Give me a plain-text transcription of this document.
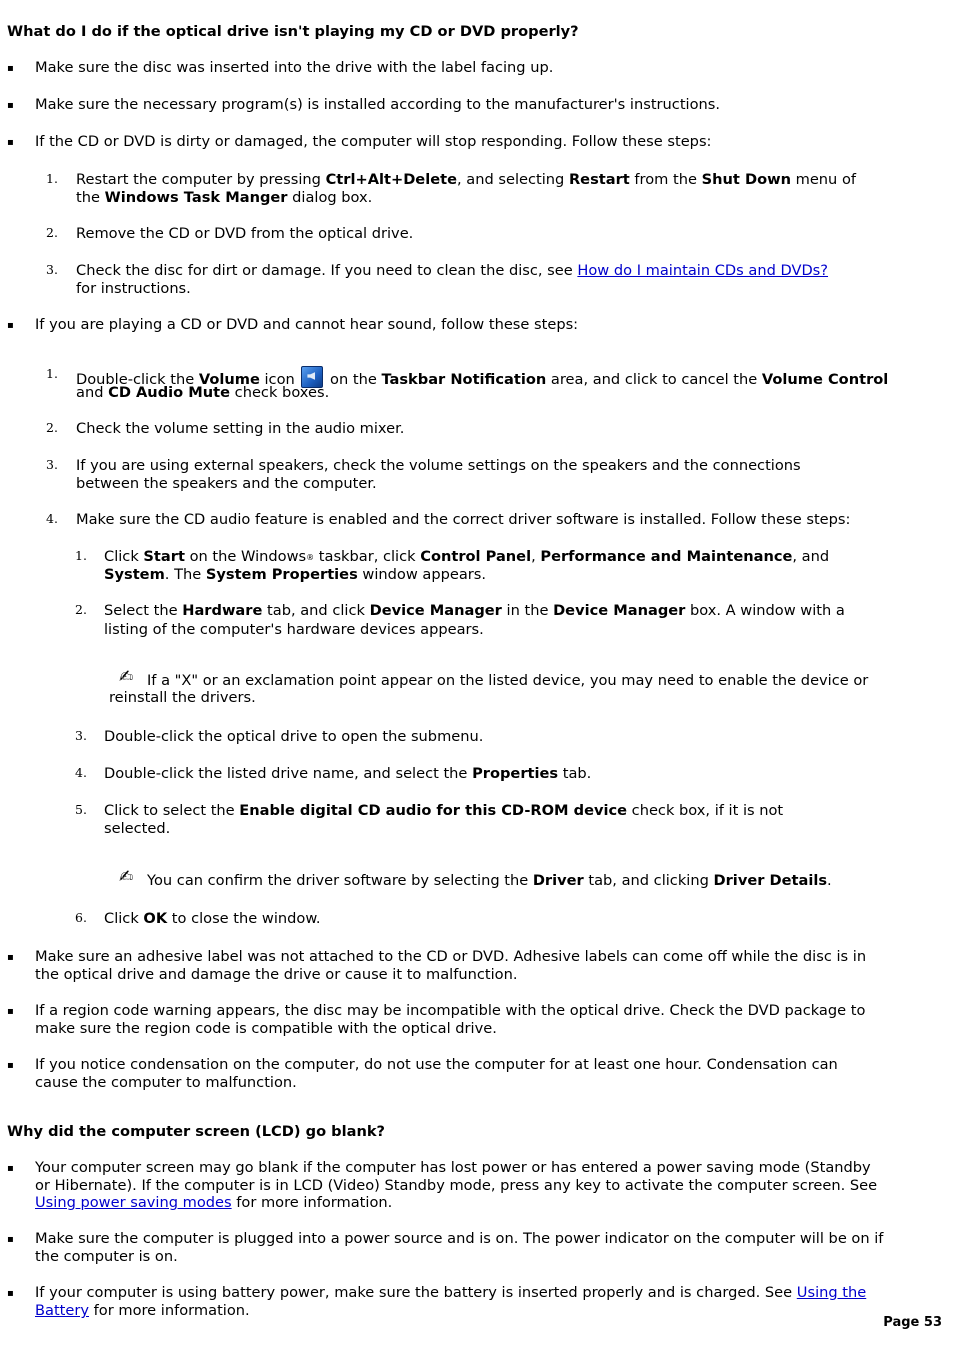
What do I do if the optical drive isn't playing my CD or DVD properly?
▪ Make sure the disc was inserted into the drive with the label facing up.
▪ Make sure the necessary program(s) is installed according to the manufacturer's instructions.
▪ If the CD or DVD is dirty or damaged, the computer will stop responding. Follow these steps:
1. Restart the computer by pressing Ctrl+Alt+Delete, and selecting Restart from the Shut Down menu of
the Windows Task Manger dialog box.
2. Remove the CD or DVD from the optical drive.
3. Check the disc for dirt or damage. If you need to clean the disc, see How do I maintain CDs and DVDs?
for instructions.
▪ If you are playing a CD or DVD and cannot hear sound, follow these steps:
1. Double-click the Volume icon  on the Taskbar Notification area, and click to cancel the Volume Control
and CD Audio Mute check boxes.
2. Check the volume setting in the audio mixer.
3. If you are using external speakers, check the volume settings on the speakers and the connections
between the speakers and the computer.
4. Make sure the CD audio feature is enabled and the correct driver software is installed. Follow these steps:
1. Click Start on the Windows® taskbar, click Control Panel, Performance and Maintenance, and
System. The System Properties window appears.
2. Select the Hardware tab, and click Device Manager in the Device Manager box. A window with a
listing of the computer's hardware devices appears.
✍ If a "X" or an exclamation point appear on the listed device, you may need to enable the device or
reinstall the drivers.
3. Double-click the optical drive to open the submenu.
4. Double-click the listed drive name, and select the Properties tab.
5. Click to select the Enable digital CD audio for this CD-ROM device check box, if it is not
selected.
✍ You can confirm the driver software by selecting the Driver tab, and clicking Driver Details.
6. Click OK to close the window.
▪ Make sure an adhesive label was not attached to the CD or DVD. Adhesive labels can come off while the disc is in
the optical drive and damage the drive or cause it to malfunction.
▪ If a region code warning appears, the disc may be incompatible with the optical drive. Check the DVD package to
make sure the region code is compatible with the optical drive.
▪ If you notice condensation on the computer, do not use the computer for at least one hour. Condensation can
cause the computer to malfunction.
Why did the computer screen (LCD) go blank?
▪ Your computer screen may go blank if the computer has lost power or has entered a power saving mode (Standby
or Hibernate). If the computer is in LCD (Video) Standby mode, press any key to activate the computer screen. See
Using power saving modes for more information.
▪ Make sure the computer is plugged into a power source and is on. The power indicator on the computer will be on if
the computer is on.
▪ If your computer is using battery power, make sure the battery is inserted properly and is charged. See Using the
Battery for more information.
Page 53
